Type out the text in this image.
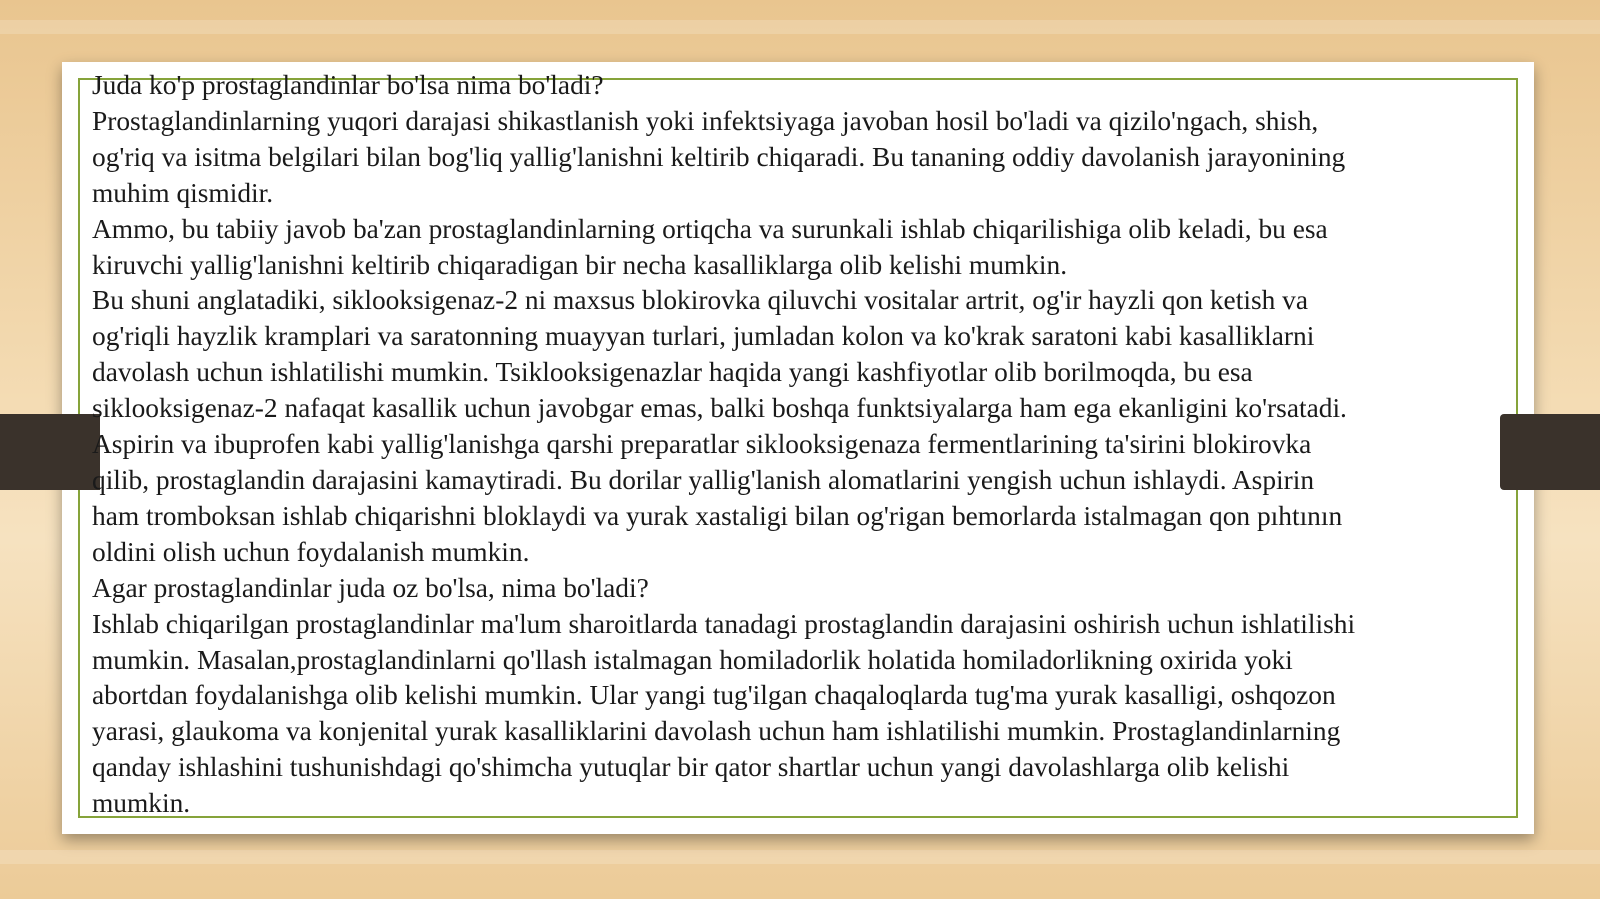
Juda ko'p prostaglandinlar bo'lsa nima bo'ladi?
Prostaglandinlarning yuqori darajasi shikastlanish yoki infektsiyaga javoban hosil bo'ladi va qizilo'ngach, shish,
og'riq va isitma belgilari bilan bog'liq yallig'lanishni keltirib chiqaradi. Bu tananing oddiy davolanish jarayonining
muhim qismidir.
Ammo, bu tabiiy javob ba'zan prostaglandinlarning ortiqcha va surunkali ishlab chiqarilishiga olib keladi, bu esa
kiruvchi yallig'lanishni keltirib chiqaradigan bir necha kasalliklarga olib kelishi mumkin.
Bu shuni anglatadiki, siklooksigenaz-2 ni maxsus blokirovka qiluvchi vositalar artrit, og'ir hayzli qon ketish va
og'riqli hayzlik kramplari va saratonning muayyan turlari, jumladan kolon va ko'krak saratoni kabi kasalliklarni
davolash uchun ishlatilishi mumkin. Tsiklooksigenazlar haqida yangi kashfiyotlar olib borilmoqda, bu esa
siklooksigenaz-2 nafaqat kasallik uchun javobgar emas, balki boshqa funktsiyalarga ham ega ekanligini ko'rsatadi.
Aspirin va ibuprofen kabi yallig'lanishga qarshi preparatlar siklooksigenaza fermentlarining ta'sirini blokirovka
qilib, prostaglandin darajasini kamaytiradi. Bu dorilar yallig'lanish alomatlarini yengish uchun ishlaydi. Aspirin
ham tromboksan ishlab chiqarishni bloklaydi va yurak xastaligi bilan og'rigan bemorlarda istalmagan qon pıhtının
oldini olish uchun foydalanish mumkin.
Agar prostaglandinlar juda oz bo'lsa, nima bo'ladi?
Ishlab chiqarilgan prostaglandinlar ma'lum sharoitlarda tanadagi prostaglandin darajasini oshirish uchun ishlatilishi
mumkin. Masalan,prostaglandinlarni qo'llash istalmagan homiladorlik holatida homiladorlikning oxirida yoki
abortdan foydalanishga olib kelishi mumkin. Ular yangi tug'ilgan chaqaloqlarda tug'ma yurak kasalligi, oshqozon
yarasi, glaukoma va konjenital yurak kasalliklarini davolash uchun ham ishlatilishi mumkin. Prostaglandinlarning
qanday ishlashini tushunishdagi qo'shimcha yutuqlar bir qator shartlar uchun yangi davolashlarga olib kelishi
mumkin.
